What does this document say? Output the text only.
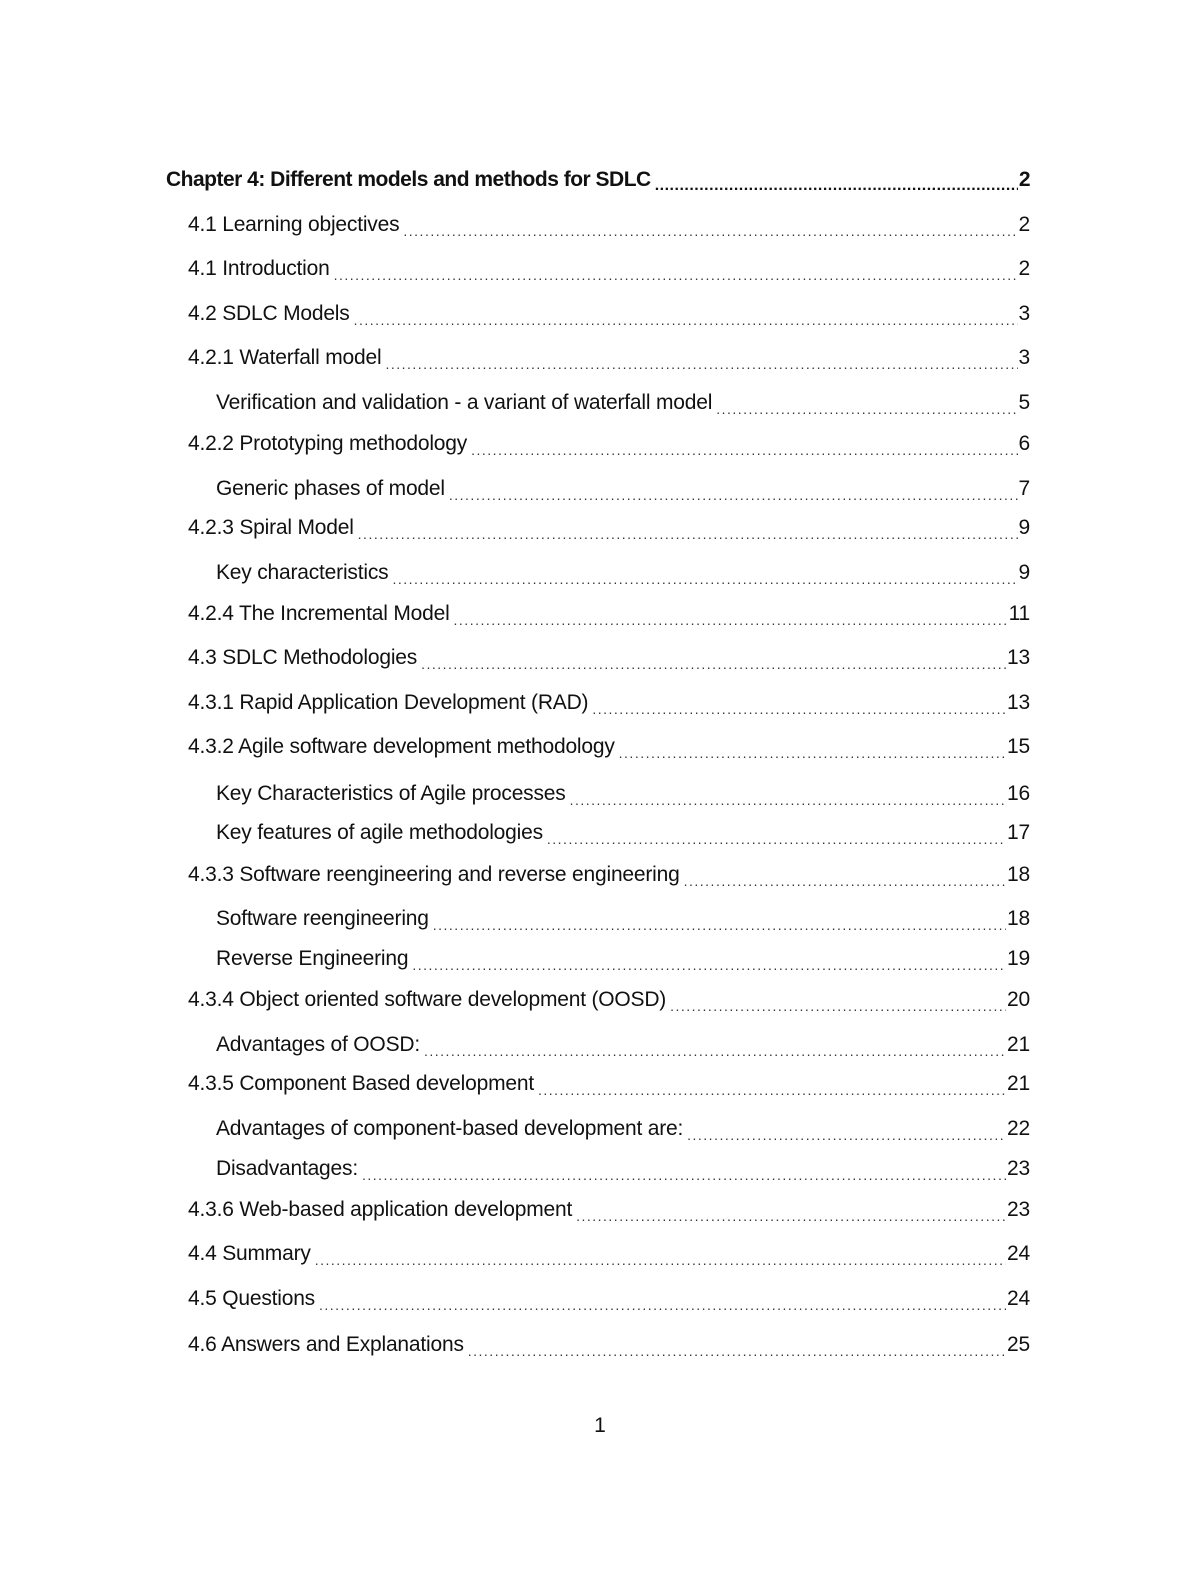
Chapter 4: Different models and methods for SDLC .....	2
4.1 Learning objectives .....	2
4.1 Introduction .....	2
4.2 SDLC Models .....	3
4.2.1 Waterfall model .....	3
Verification and validation - a variant of waterfall model .....	5
4.2.2 Prototyping methodology .....	6
Generic phases of model .....	7
4.2.3 Spiral Model .....	9
Key characteristics .....	9
4.2.4 The Incremental Model .....	11
4.3 SDLC Methodologies .....	13
4.3.1 Rapid Application Development (RAD) .....	13
4.3.2 Agile software development methodology .....	15
Key Characteristics of Agile processes .....	16
Key features of agile methodologies .....	17
4.3.3 Software reengineering and reverse engineering .....	18
Software reengineering .....	18
Reverse Engineering .....	19
4.3.4 Object oriented software development (OOSD) .....	20
Advantages of OOSD: .....	21
4.3.5 Component Based development .....	21
Advantages of component-based development are: .....	22
Disadvantages: .....	23
4.3.6 Web-based application development .....	23
4.4 Summary .....	24
4.5 Questions .....	24
4.6 Answers and Explanations .....	25
1
